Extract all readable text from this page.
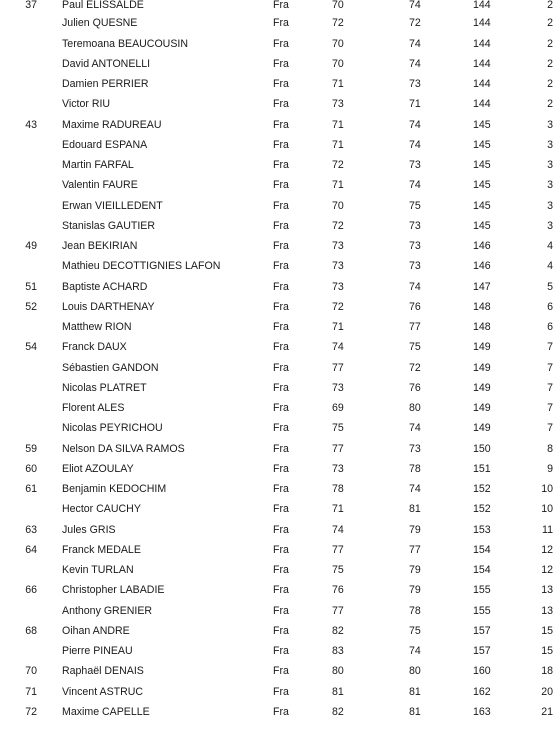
37	Paul ELISSALDE	Fra	70	74	144	2
	Julien QUESNE	Fra	72	72	144	2
	Teremoana BEAUCOUSIN	Fra	70	74	144	2
	David ANTONELLI	Fra	70	74	144	2
	Damien PERRIER	Fra	71	73	144	2
	Victor RIU	Fra	73	71	144	2
43	Maxime RADUREAU	Fra	71	74	145	3
	Edouard ESPANA	Fra	71	74	145	3
	Martin FARFAL	Fra	72	73	145	3
	Valentin FAURE	Fra	71	74	145	3
	Erwan VIEILLEDENT	Fra	70	75	145	3
	Stanislas GAUTIER	Fra	72	73	145	3
49	Jean BEKIRIAN	Fra	73	73	146	4
	Mathieu DECOTTIGNIES LAFON	Fra	73	73	146	4
51	Baptiste ACHARD	Fra	73	74	147	5
52	Louis DARTHENAY	Fra	72	76	148	6
	Matthew RION	Fra	71	77	148	6
54	Franck DAUX	Fra	74	75	149	7
	Sébastien GANDON	Fra	77	72	149	7
	Nicolas PLATRET	Fra	73	76	149	7
	Florent ALES	Fra	69	80	149	7
	Nicolas PEYRICHOU	Fra	75	74	149	7
59	Nelson DA SILVA RAMOS	Fra	77	73	150	8
60	Eliot AZOULAY	Fra	73	78	151	9
61	Benjamin KEDOCHIM	Fra	78	74	152	10
	Hector CAUCHY	Fra	71	81	152	10
63	Jules GRIS	Fra	74	79	153	11
64	Franck MEDALE	Fra	77	77	154	12
	Kevin TURLAN	Fra	75	79	154	12
66	Christopher LABADIE	Fra	76	79	155	13
	Anthony GRENIER	Fra	77	78	155	13
68	Oihan ANDRE	Fra	82	75	157	15
	Pierre PINEAU	Fra	83	74	157	15
70	Raphaël DENAIS	Fra	80	80	160	18
71	Vincent ASTRUC	Fra	81	81	162	20
72	Maxime CAPELLE	Fra	82	81	163	21
